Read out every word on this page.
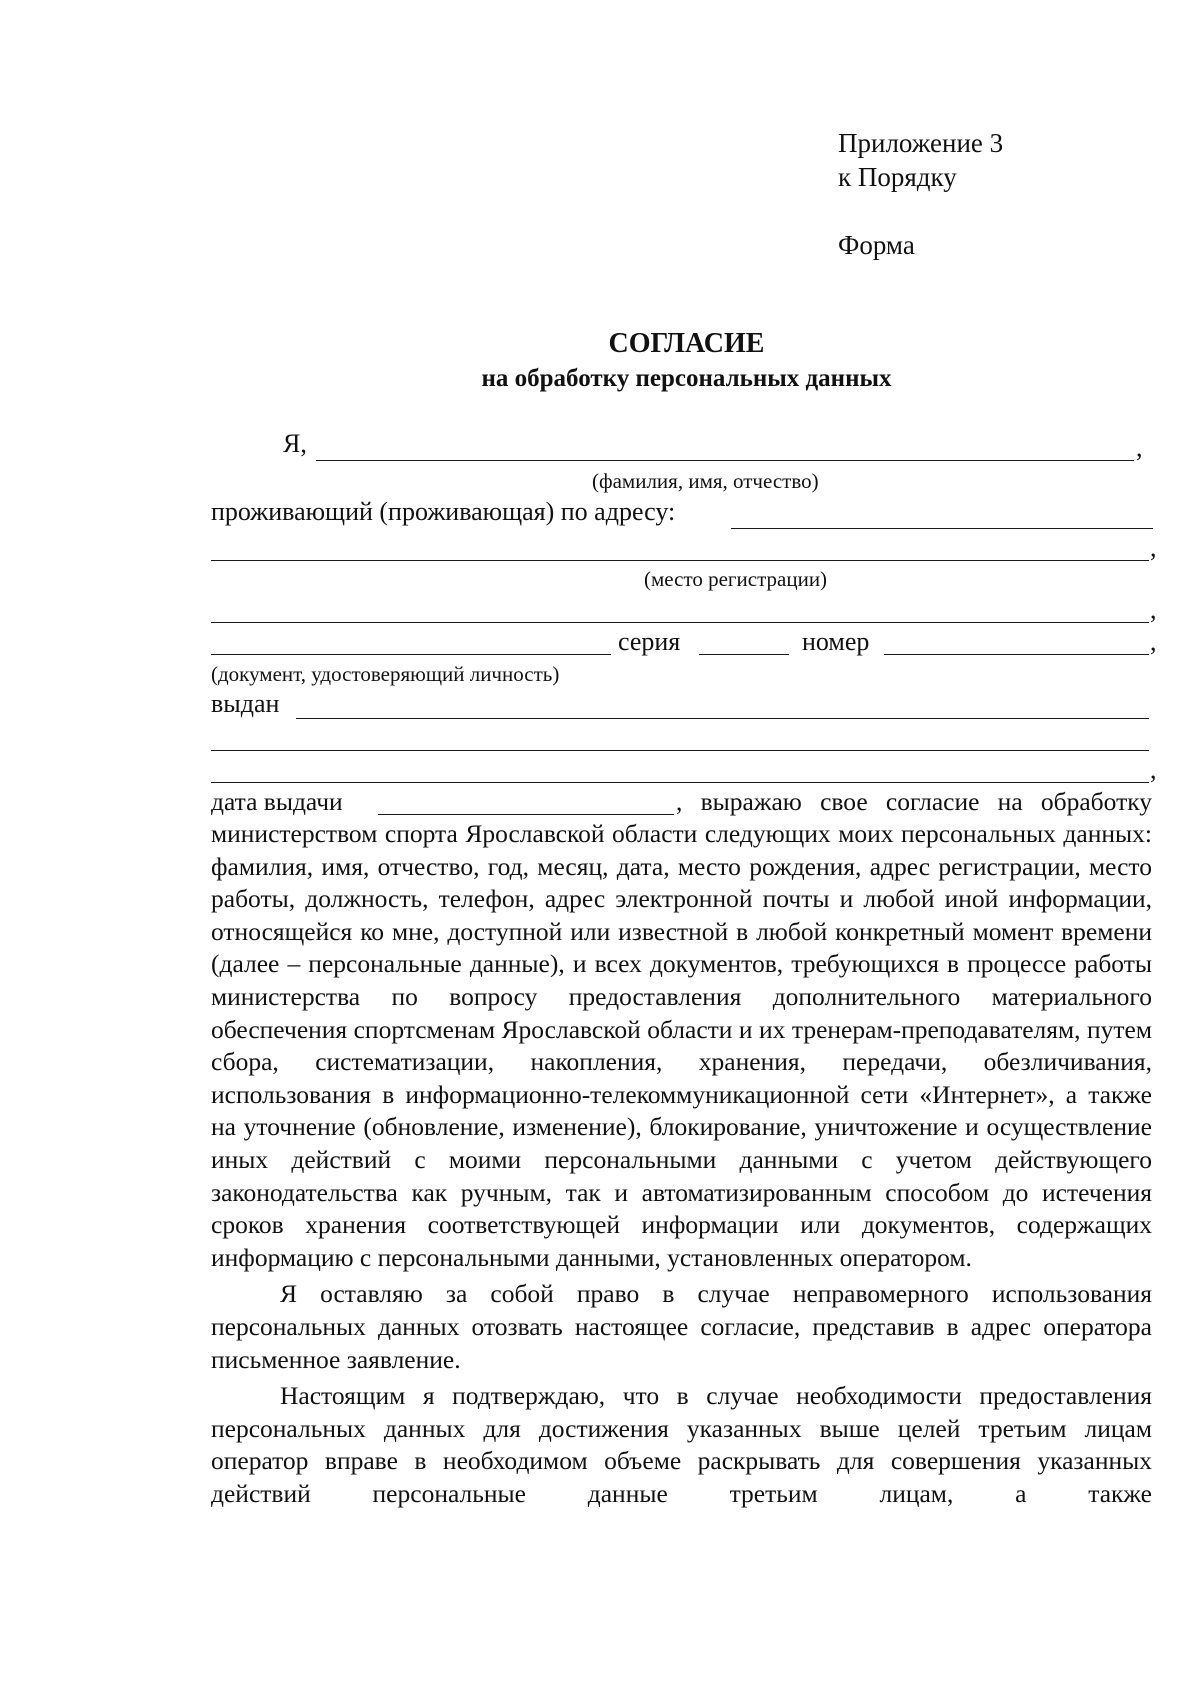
Приложение 3
к Порядку
Форма
СОГЛАСИЕ
на обработку персональных данных
Я,	,
(фамилия, имя, отчество)
проживающий (проживающая) по адресу:
,
(место регистрации)
,
серия	номер	,
(документ, удостоверяющий личность)
выдан
,
дата выдачи	, выражаю свое согласие на обработку

министерством спорта Ярославской области следующих моих персональных данных: фамилия, имя, отчество, год, месяц, дата, место рождения, адрес регистрации, место работы, должность, телефон, адрес электронной почты и любой иной информации, относящейся ко мне, доступной или известной в любой конкретный момент времени (далее – персональные данные), и всех документов, требующихся в процессе работы министерства по вопросу предоставления дополнительного материального обеспечения спортсменам Ярославской области и их тренерам-преподавателям, путем сбора, систематизации, накопления, хранения, передачи, обезличивания, использования в информационно-телекоммуникационной сети «Интернет», а также на уточнение (обновление, изменение), блокирование, уничтожение и осуществление иных действий с моими персональными данными с учетом действующего законодательства как ручным, так и автоматизированным способом до истечения сроков хранения соответствующей информации или документов, содержащих информацию с персональными данными, установленных оператором.

Я оставляю за собой право в случае неправомерного использования персональных данных отозвать настоящее согласие, представив в адрес оператора письменное заявление.

Настоящим я подтверждаю, что в случае необходимости предоставления персональных данных для достижения указанных выше целей третьим лицам оператор вправе в необходимом объеме раскрывать для совершения указанных действий персональные данные третьим лицам, а также
